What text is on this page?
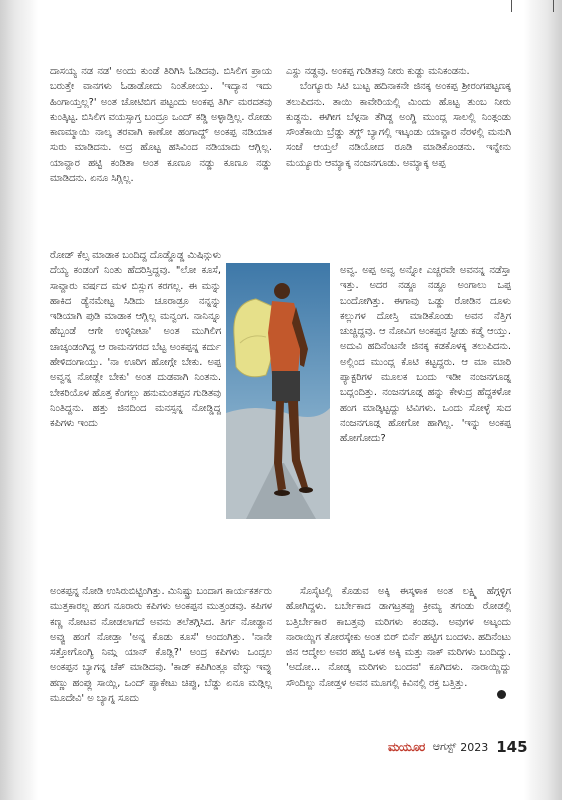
ದಾಸಯ್ಯ ನಡ ನಡ' ಅಂದು ಕುಂಡೆ ತಿರಿಗಿಸಿ ಓಡಿದವು. ಬಿಸಿಲಿಗ ಪ್ರಾಯ ಬರುತ್ತೇ ವಾನಗಳು ಓಡಾಡೋದು ನಿಂತೋಯ್ತು. 'ಇದ್ಯಾನ ಇದು ಹಿಂಗಾಯ್ತಲ್ಲ?' ಅಂತ ಚೋಟಿಬಿಗ ಪಟ್ಟಂದು ಅಂಕಪ್ಪ ತಿರ್ಗಿ ಮರದತವು ಕುಂತ್ಕಿಟ್ಟ. ಬಿಸಿಲಿಗ ವಯಸ್ಸಾಗ್ತ ಬಂದ್ರೂ ಒಂದ್ ಕಡ್ಡಿ ಅಳ್ಳಾಡ್ತಿಲ್ಲ. ರೋಡು ಕಾಣಮ್ಮಾಯಿ ನಾಲ್ಕ ತರವಾಗಿ ಕಾಣೋ ಹಂಗಾದ್ದ್ ಅಂಕಪ್ಪ ನಡಿಯಾಕ ಸುರು ಮಾಡಿದನು. ಅದ್ರ ಹೊಟ್ಟ ಹಸಿವಿಂದ ನಡಿಯಾದು ಆಗ್ಲಿಲ್ಲ. ಯಾವ್ದಾರ ಹಟ್ಟಿ ಕಂಡಿತಾ ಅಂತ ಕೂಣೂ ನಡ್ಡು ಕೂಣೂ ನಡ್ಡು ಮಾಡಿದನು. ಏನೂ ಸಿಗ್ಲಿಲ್ಲ.

ರೋಡ್ ಕೆಲ್ಸ ಮಾಡಾಕ ಬಂದಿದ್ದ ದೊಡ್ಡೊಡ್ಡ ಮಿಷಿನ್ಗುಳು ದೆಯ್ಯ ಕಂಡಂಗೆ ನಿಂತು ಹೆದರಿಸ್ತಿದ್ದವು. "ಲೋ ಕೂಸೆ, ಸಾವ್ದಾರು ವರ್ಷದ ಮಳ ಬಿಸ್ಲುಗ ಕರಗಲ್ಲ. ಈ ಮನ್ನು ಹಾಕಿದ ಡ್ಯೆನಮೇಟ್ಟ ಸಿಡಿದು ಚೂರಾಡ್ರೂ ನನ್ನನ್ನು ಇಡಿಯಾಗಿ ಪುಡಿ ಮಾಡಾಕ ಆಗ್ಲಿಲ್ಲ ಮನ್ವಂಗ. ನಾನಿನ್ನೂ ಹೆಬ್ಬಂಡೆ ಆಗೇ ಉಳ್ಕಿನೀಟಾ' ಅಂತ ಮುಗಿಲಿಗ ಚಾಚ್ಕಂಡಂಗಿದ್ದ ಆ ರಾಮನಗರದ ಬೆಟ್ಟ ಅಂಕಪ್ಪನ್ನ ಕರ್ದು ಹೇಳಿದಂಗಾಯ್ತು. 'ನಾ ಊರಿಗ ಹೋಗ್ಗೇ ಬೇಕು. ಅಪ್ಪ ಅವ್ವನ್ನ ನೋಡ್ಲೇ ಬೇಕು' ಅಂತ ದುಡವಾಗಿ ನಿಂತನು. ಬೇಕರಿಯೊಳ ಹೊತ್ತ ಕೆಂಗಲ್ಲು ಹನುಮಂತಪ್ಪನ ಗುಡಿತವು ನಿಂತಿದ್ದನು. ಹತ್ತು ಜಿನದಿಂದ ಮನಸ್ಸನ್ನ ನೋಡ್ಡಿದ್ದ ಕಪಿಗಳು ಇಂದು

ಅಂಕಪ್ಪನ್ನ ನೋಡಿ ಉಸಿರುಬಿಟ್ಟಿಂಗಿತ್ತು. ಮಿನಿಷ್ಟ್ರು ಬಂದಾಗ ಕಾರ್ಯಕರ್ತರು ಮುತ್ತಕಾರಲ್ಲ ಹಂಗ ನೂರಾರು ಕಪಿಗಳು ಅಂಕಪ್ಪನ ಮುತ್ತಂಡವು. ಕಪಿಗಳ ಕಣ್ಣ ನೋಟವ ನೋಡಲಾಗದೆ ಅವನು ತಲೆತಗ್ಗಿಸಿದ. ತಿರ್ಗ ನೋಡ್ದಾನ ಅವ್ವು ಹಂಗೆ ನೋಡ್ತಾ 'ಅನ್ನ ಕೊಡು ಕೂಸೆ' ಅಂದಂಗಿತ್ತು. 'ನಾನೇ ಸತ್ತೋಗೊಂಗ್ಯಿ ನಿಮ್ಗ ಯಾನ್ ಕೊಡ್ಲಿ?' ಅಂದ್ರ ಕಪಿಗಳು ಒಂದ್ಸಲ ಅಂಕಪ್ಪನ ಬ್ಯಾಗನ್ನ ಚೆಕ್ ಮಾಡಿದವು. 'ಕಾಡ್ ಕಪಿಗಿಂತ್ಲೂ ವೇಸ್ಟು ಇವ್ನು ಹಣ್ಣು ಹಂಪ್ಲು ಸಾಯ್ಲಿ, ಒಂದ್ ಪ್ಯಾಕೇಟು ಚಿಪ್ಪು, ಬೆಡ್ಡು ಏನೂ ಮಡ್ಗಿಲ್ಲ ಮೂದೇವಿ' ಅ ಬ್ಯಾಗ್ನ ಸೂದು

ಎಸ್ದು ನಡ್ದವು. ಅಂಕಪ್ಪ ಗುಡಿತವು ನೀರು ಕುಡ್ದು ಮನಿಕಂಡನು.

ಬೆಂಗ್ಯೂರು ಸಿಟಿ ಬುಟ್ಟ ಹದಿನಾಕನೇ ಜಿನಕ್ಕ ಅಂಕಪ್ಪ ಶ್ರೀರಂಗಪಟ್ಟಣಕ್ಕ ತಲುಪಿದನು. ತಾಯಿ ಕಾವೇರಿಯಲ್ಲಿ ಮಿಂದು ಹೊಟ್ಟ ತುಂಬ ನೀರು ಕುಡ್ದನು. ಈಗೀಗ ಬೆಳ್ಗನಾ ತೆಗಿಡ್ದ ಅಂಗ್ಡಿ ಮುಂದ್ಲ ಸಾಲಲ್ಲಿ ನಿಂತ್ಗಂಡು ಸೌಂತೆಕಾಯಿ ಬ್ರೆಡ್ಡು ತಗ್ದ್ ಬ್ಯಾಗಲ್ಲಿ ಇಟ್ಕಂಡು ಯಾವ್ದಾರ ನೆರಳಲ್ಲಿ ಮನುಗಿ ಸಂಜೆ ಆಯ್ತಲೆ ನಡಿಯೋದ ರೂಡಿ ಮಾಡಿಕೊಂಡನು. ಇನ್ನೇನು ಮಯ್ಯೂರು ಆಮ್ಯಾಕ್ಕ ನಂಜನಗೂಡು. ಅಮ್ಯಾಕ್ಕ ಅಪ್ಪ

ಅವ್ವ. ಅಪ್ಪ ಅವ್ವ ಅನ್ನೋ ಎಚ್ಚರವೇ ಅವನನ್ನ ನಡೆಸ್ತಾ ಇತ್ತು. ಅದರ ನಡ್ದೂ ನಡ್ದೂ ಅಂಗಾಲು ಒಪ್ಪ ಬಂದೋಗಿತ್ತು. ಈಗಾವು ಒಡ್ಡು ರೋಡಿನ ದೂಳು ಕಲ್ಲುಗಳ ದೋಸ್ತಿ ಮಾಡಿಕೊಂಡು ಅವನ ನೆತ್ತಿಗ ಚುಚ್ಚಿದ್ದವು. ಆ ನೋವಿಗ ಅಂಕಪ್ಪನ ಸ್ಟೀಡು ಕಡ್ಮೆ ಆಯ್ತು. ಅದುವಿ ಹದಿನೆಂಟನೇ ಜಿನಕ್ಕ ಕಡಕೊಳಕ್ಕ ತಲುಪಿದನು. ಅಲ್ಲಿಂದ ಮುಂದ್ಲ ಕೊಟಿ ಕಟ್ಟದ್ದರು. ಆ ಮಾ ಮಾರಿ ಪ್ಯಾಕ್ಟರಿಗಳ ಮೂಲಕ ಬಂದು ಇಡೀ ನಂಜನಗೂಡ್ನ ಬದ್ಲಂದಿತ್ತು. ನಂಜನಗೂಡ್ಗ ಹನ್ನು ಕೇಳುದ್ರ ಹೆದ್ದಕಳೋ ಹಂಗ ಮಾಡ್ಕಿಟ್ಟದ್ದು ಟಿವಿಗಳು. ಒಂದು ಸೋಳ್ಳೆ ಸುದ ನಂಜನಗೂಡ್ಗ ಹೋಗೋ ಹಾಗಿಲ್ಲ. 'ಇನ್ನು ಅಂಕಪ್ಪ ಹೋಗೋದು?

ಸೊಸೈಟಲ್ಲಿ ಕೊಡುವ ಅಕ್ಕಿ ಈಸ್ಕಳಾಕ ಅಂತ ಲಕ್ಷ್ಮಿ ಹೆಗ್ಗಳ್ಳಿಗ ಹೋಗಿದ್ದಳು. ಬರ್ಬೇಕಾದ ಡಾಗಟ್ರತಪ್ಪು ಕ್ರೀಮ್ಯ ತಗಂಡು ರೋಡಲ್ಲಿ ಬತ್ತಿರ್ಬೇಕಾರ ಕಾಬತ್ತವು ಮರಿಗಳು ಕಂಡವು. ಅವುಗಳ ಅಟ್ಕಂದು ನಾರಾಯ್ಣಿಗ ತೋರಸ್ಕೇಕು ಅಂತ ಬಿರ್ ಬಿರ್ನೆ ಹಟ್ಟಿಗ ಬಂದಳು. ಹದಿನೆಂಟು ಜಿನ ಆದ್ಮೇಲ ಅವರ ಹಟ್ಟಿ ಒಳಕ ಅಕ್ಕಿ ಮತ್ತು ನಾಕ್ ಮರಿಗಳು ಬಂದಿದ್ವು. 'ಅದೋ... ನೋಡ್ಕ ಮರಿಗಳು ಬಂದವ' ಕೂಗಿದಳು. ನಾರಾಯ್ಣಿದ್ದು ಸೌಂದಿಲ್ದು ನೋಡ್ತಳ ಅವನ ಮೂಗಲ್ಲಿ ಕಿವಿನಲ್ಲಿ ರಕ್ತ ಬತ್ತಿತ್ತು.

ಮಯೂರ ಆಗಸ್ಟ್ 2023 145
